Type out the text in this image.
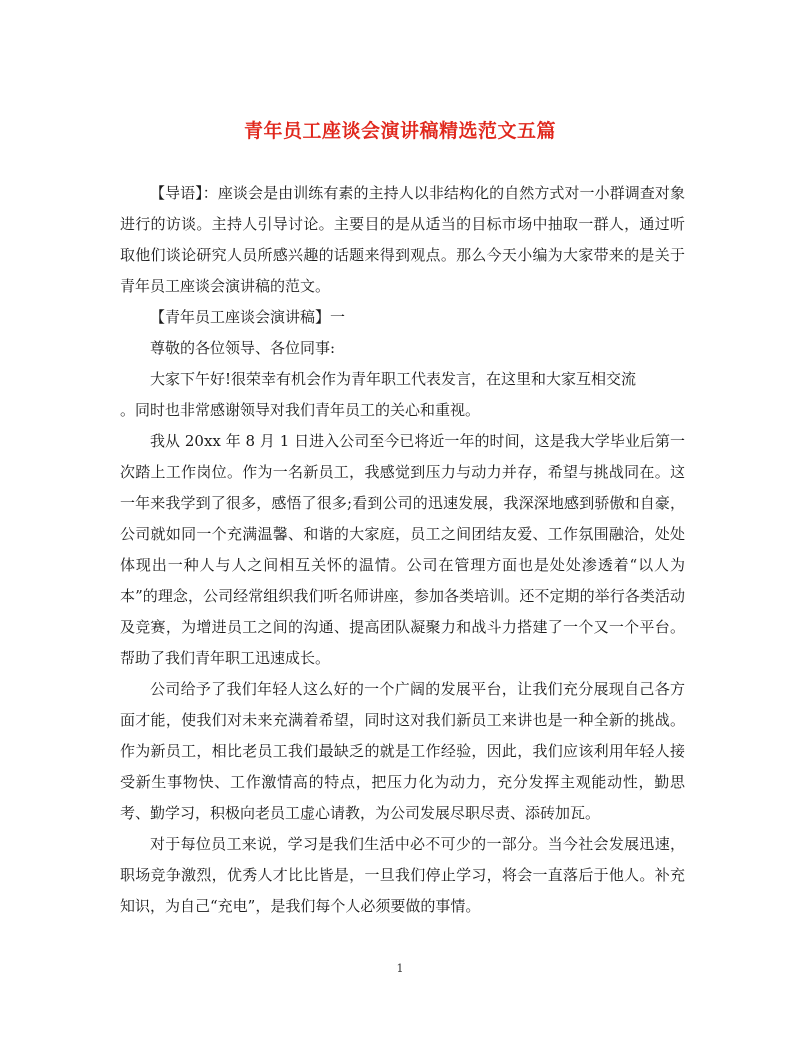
青年员工座谈会演讲稿精选范文五篇

【导语】：座谈会是由训练有素的主持人以非结构化的自然方式对一小群调查对象进行的访谈。主持人引导讨论。主要目的是从适当的目标市场中抽取一群人，通过听取他们谈论研究人员所感兴趣的话题来得到观点。那么今天小编为大家带来的是关于青年员工座谈会演讲稿的范文。

【青年员工座谈会演讲稿】一

尊敬的各位领导、各位同事:

大家下午好!很荣幸有机会作为青年职工代表发言，在这里和大家互相交流

。同时也非常感谢领导对我们青年员工的关心和重视。

我从 20xx 年 8 月 1 日进入公司至今已将近一年的时间，这是我大学毕业后第一次踏上工作岗位。作为一名新员工，我感觉到压力与动力并存，希望与挑战同在。这一年来我学到了很多，感悟了很多;看到公司的迅速发展，我深深地感到骄傲和自豪，公司就如同一个充满温馨、和谐的大家庭，员工之间团结友爱、工作氛围融洽，处处体现出一种人与人之间相互关怀的温情。公司在管理方面也是处处渗透着“以人为本”的理念，公司经常组织我们听名师讲座，参加各类培训。还不定期的举行各类活动及竞赛，为增进员工之间的沟通、提高团队凝聚力和战斗力搭建了一个又一个平台。帮助了我们青年职工迅速成长。

公司给予了我们年轻人这么好的一个广阔的发展平台，让我们充分展现自己各方面才能，使我们对未来充满着希望，同时这对我们新员工来讲也是一种全新的挑战。作为新员工，相比老员工我们最缺乏的就是工作经验，因此，我们应该利用年轻人接受新生事物快、工作激情高的特点，把压力化为动力，充分发挥主观能动性，勤思考、勤学习，积极向老员工虚心请教，为公司发展尽职尽责、添砖加瓦。

对于每位员工来说，学习是我们生活中必不可少的一部分。当今社会发展迅速，职场竞争激烈，优秀人才比比皆是，一旦我们停止学习，将会一直落后于他人。补充知识，为自己“充电”，是我们每个人必须要做的事情。

1
